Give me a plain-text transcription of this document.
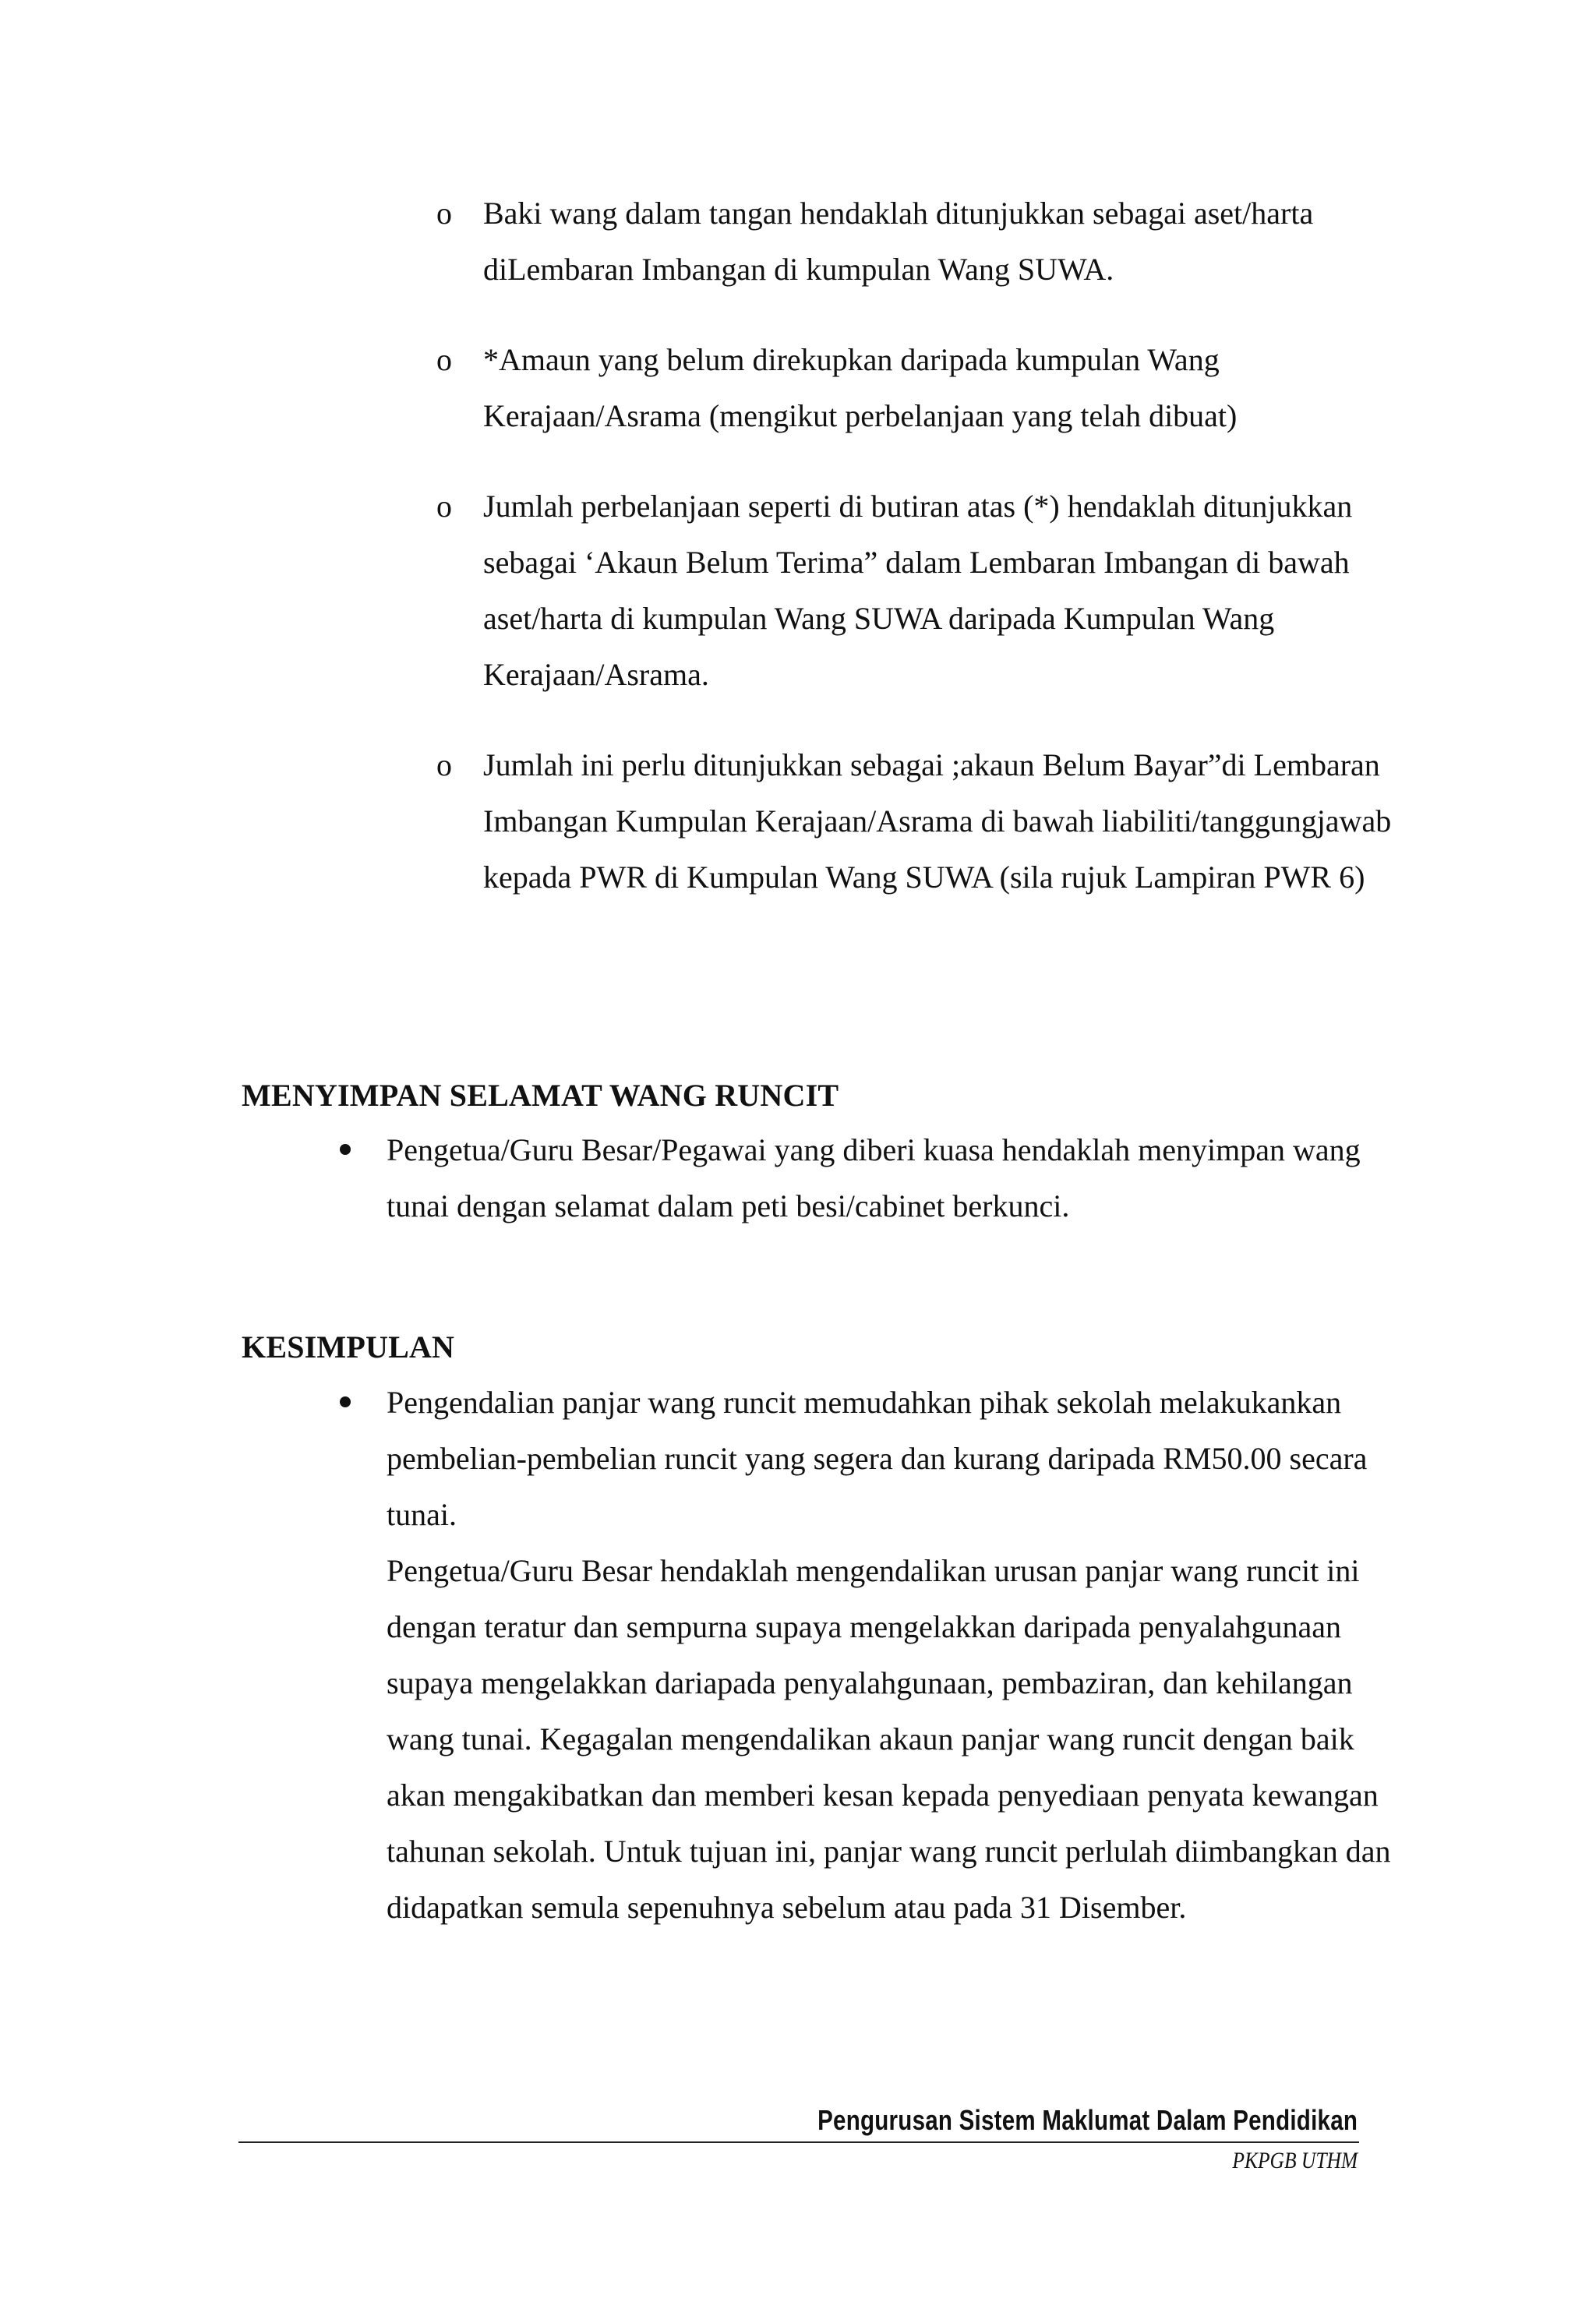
o	Baki wang dalam tangan hendaklah ditunjukkan sebagai aset/harta diLembaran Imbangan di kumpulan Wang SUWA.
o	*Amaun yang belum direkupkan daripada kumpulan Wang Kerajaan/Asrama (mengikut perbelanjaan yang telah dibuat)
o	Jumlah perbelanjaan seperti di butiran atas (*) hendaklah ditunjukkan sebagai ‘Akaun Belum Terima” dalam Lembaran Imbangan di bawah aset/harta di kumpulan Wang SUWA daripada Kumpulan Wang Kerajaan/Asrama.
o	Jumlah ini perlu ditunjukkan sebagai ;akaun Belum Bayar”di Lembaran Imbangan Kumpulan Kerajaan/Asrama di bawah liabiliti/tanggungjawab kepada PWR di Kumpulan Wang SUWA (sila rujuk Lampiran PWR 6)
MENYIMPAN SELAMAT WANG RUNCIT

Pengetua/Guru Besar/Pegawai yang diberi kuasa hendaklah menyimpan wang tunai dengan selamat dalam peti besi/cabinet berkunci.

KESIMPULAN

Pengendalian panjar wang runcit memudahkan pihak sekolah melakukankan pembelian-pembelian runcit yang segera dan kurang daripada RM50.00 secara tunai.

Pengetua/Guru Besar hendaklah mengendalikan urusan panjar wang runcit ini dengan teratur dan sempurna supaya mengelakkan daripada penyalahgunaan supaya mengelakkan dariapada penyalahgunaan, pembaziran, dan kehilangan wang tunai. Kegagalan mengendalikan akaun panjar wang runcit dengan baik akan mengakibatkan dan memberi kesan kepada penyediaan penyata kewangan tahunan sekolah. Untuk tujuan ini, panjar wang runcit perlulah diimbangkan dan didapatkan semula sepenuhnya sebelum atau pada 31 Disember.

Pengurusan Sistem Maklumat Dalam Pendidikan
PKPGB UTHM
